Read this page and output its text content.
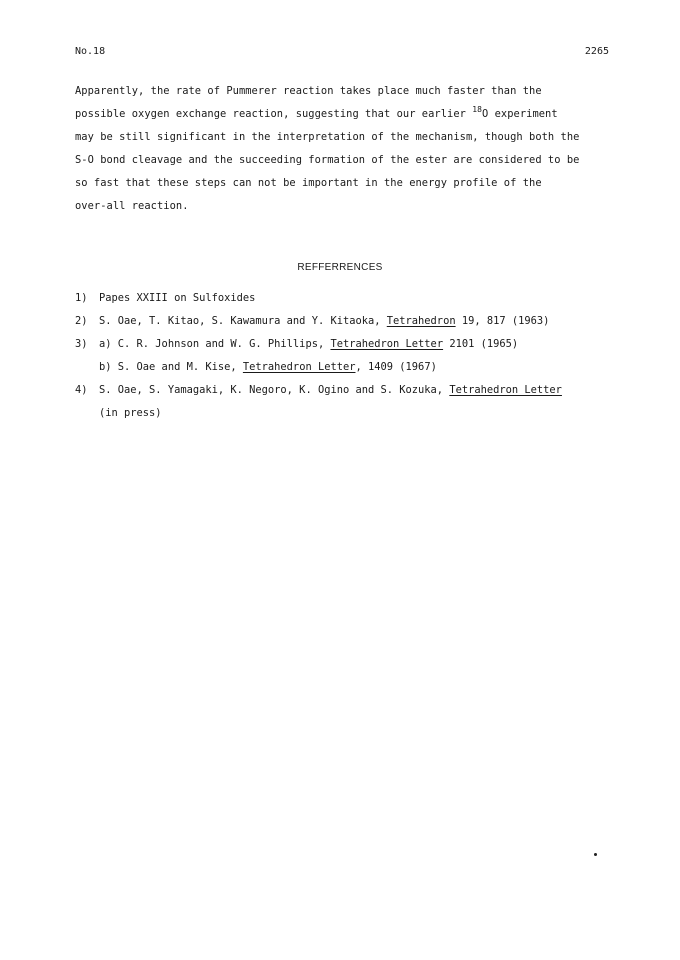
No.18	2265
Apparently, the rate of Pummerer reaction takes place much faster than the
possible oxygen exchange reaction, suggesting that our earlier $^{18}$O experiment
may be still significant in the interpretation of the mechanism, though both the
S-O bond cleavage and the succeeding formation of the ester are considered to be
so fast that these steps can not be important in the energy profile of the
over-all reaction.
REFFERRENCES
1) Papes XXIII on Sulfoxides
2) S. Oae, T. Kitao, S. Kawamura and Y. Kitaoka, Tetrahedron 19, 817 (1963)
3) a) C. R. Johnson and W. G. Phillips, Tetrahedron Letter 2101 (1965)
b) S. Oae and M. Kise, Tetrahedron Letter, 1409 (1967)
4) S. Oae, S. Yamagaki, K. Negoro, K. Ogino and S. Kozuka, Tetrahedron Letter
(in press)
